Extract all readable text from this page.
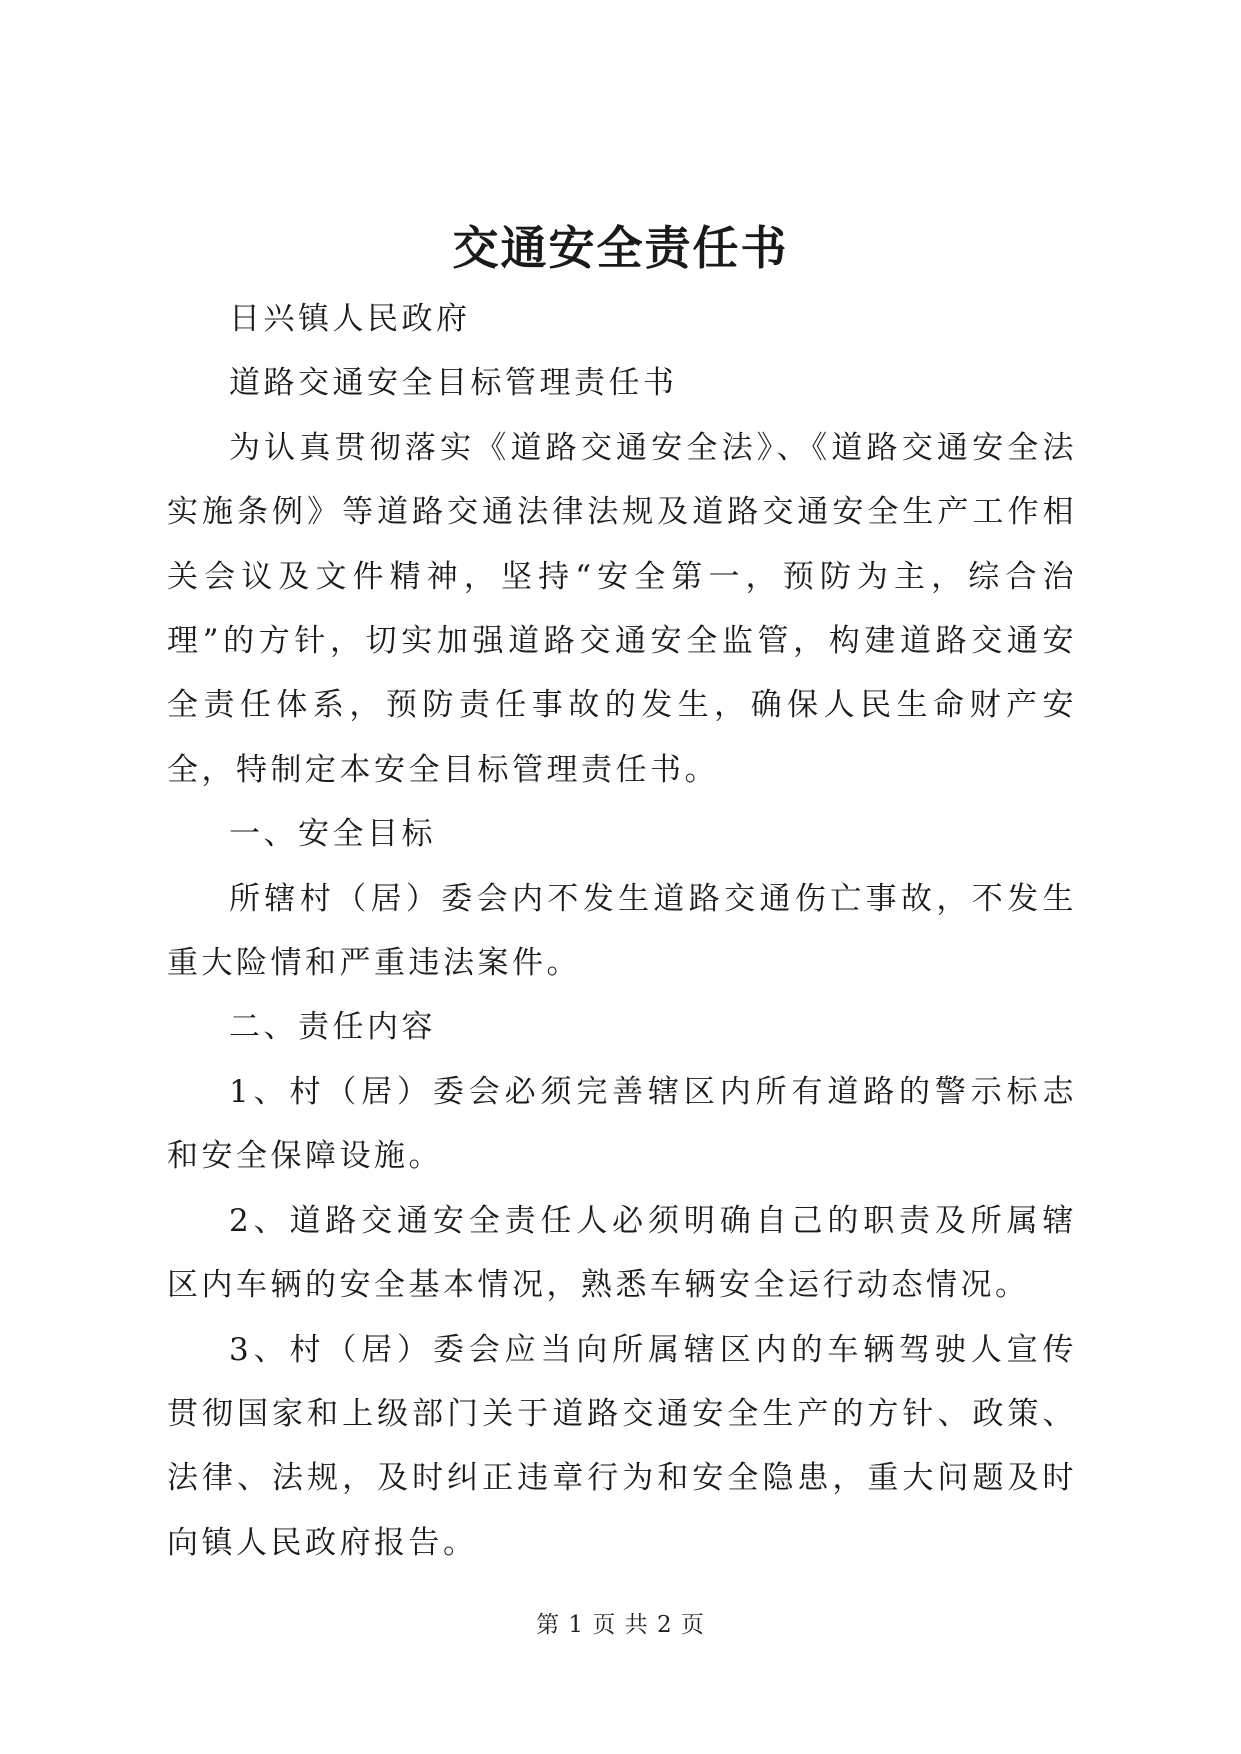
交通安全责任书

日兴镇人民政府

道路交通安全目标管理责任书

为认真贯彻落实《道路交通安全法》、《道路交通安全法实施条例》等道路交通法律法规及道路交通安全生产工作相关会议及文件精神，坚持“安全第一，预防为主，综合治理”的方针，切实加强道路交通安全监管，构建道路交通安全责任体系，预防责任事故的发生，确保人民生命财产安全，特制定本安全目标管理责任书。

一、安全目标

所辖村（居）委会内不发生道路交通伤亡事故，不发生重大险情和严重违法案件。

二、责任内容

1、村（居）委会必须完善辖区内所有道路的警示标志和安全保障设施。

2、道路交通安全责任人必须明确自己的职责及所属辖区内车辆的安全基本情况，熟悉车辆安全运行动态情况。

3、村（居）委会应当向所属辖区内的车辆驾驶人宣传贯彻国家和上级部门关于道路交通安全生产的方针、政策、法律、法规，及时纠正违章行为和安全隐患，重大问题及时向镇人民政府报告。

第 1 页 共 2 页
